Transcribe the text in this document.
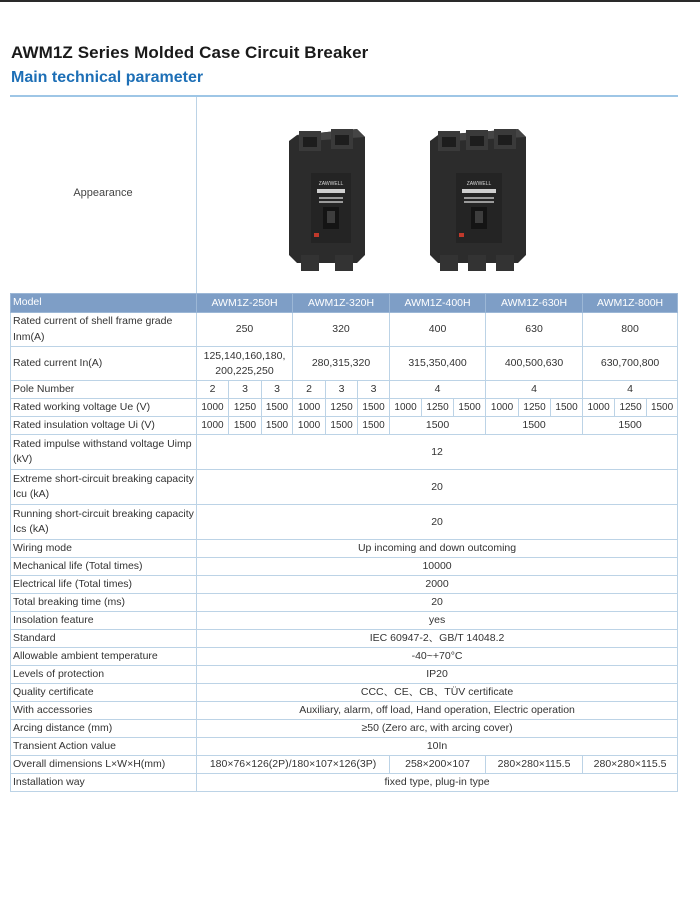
AWM1Z Series Molded Case Circuit Breaker
Main technical parameter
Appearance
ZAWWELL	ZAWWELL
Model	AWM1Z-250H			AWM1Z-320H			AWM1Z-400H			AWM1Z-630H			AWM1Z-800H		
Rated current of shell frame grade Inm(A)	250			320			400			630			800		
Rated current In(A)	125,140,160,180, 200,225,250			280,315,320			315,350,400			400,500,630			630,700,800		
Pole Number	2	3	3	2	3	3	4			4			4		
Rated working voltage Ue (V)	1000	1250	1500	1000	1250	1500	1000	1250	1500	1000	1250	1500	1000	1250	1500
Rated insulation voltage Ui (V)	1000	1500	1500	1000	1500	1500	1500			1500			1500		
Rated impulse withstand voltage Uimp (kV)	12														
Extreme short-circuit breaking capacity Icu (kA)	20														
Running short-circuit breaking capacity Ics (kA)	20														
Wiring mode	Up incoming and down outcoming														
Mechanical life (Total times)	10000														
Electrical life (Total times)	2000														
Total breaking time (ms)	20														
Insolation feature	yes														
Standard	IEC 60947-2、GB/T 14048.2														
Allowable ambient temperature	-40~+70°C														
Levels of protection	IP20														
Quality certificate	CCC、CE、CB、TÜV certificate														
With accessories	Auxiliary, alarm, off load, Hand operation, Electric operation														
Arcing distance (mm)	≥50 (Zero arc, with arcing cover)														
Transient Action value	10In														
Overall dimensions L×W×H(mm)	180×76×126(2P)/180×107×126(3P)						258×200×107			280×280×115.5			280×280×115.5		
Installation way	fixed type, plug-in type														
